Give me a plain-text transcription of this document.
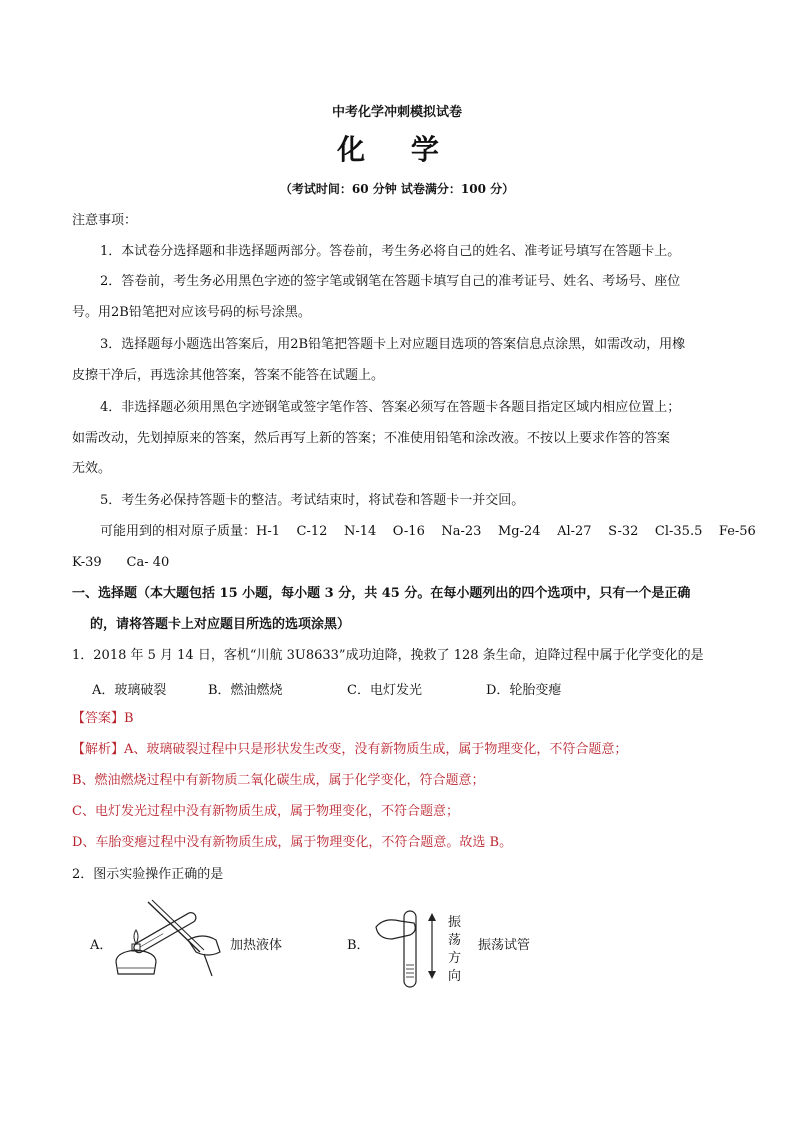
中考化学冲刺模拟试卷
化 学
（考试时间：60 分钟 试卷满分：100 分）
注意事项：
1．本试卷分选择题和非选择题两部分。答卷前，考生务必将自己的姓名、准考证号填写在答题卡上。
2．答卷前，考生务必用黑色字迹的签字笔或钢笔在答题卡填写自己的准考证号、姓名、考场号、座位
号。用2B铅笔把对应该号码的标号涂黑。
3．选择题每小题选出答案后，用2B铅笔把答题卡上对应题目选项的答案信息点涂黑，如需改动，用橡
皮擦干净后，再选涂其他答案，答案不能答在试题上。
4．非选择题必须用黑色字迹钢笔或签字笔作答、答案必须写在答题卡各题目指定区域内相应位置上；
如需改动，先划掉原来的答案，然后再写上新的答案；不准使用铅笔和涂改液。不按以上要求作答的答案
无效。
5．考生务必保持答题卡的整洁。考试结束时，将试卷和答题卡一并交回。
可能用到的相对原子质量：H-1    C-12    N-14    O-16    Na-23    Mg-24    Al-27    S-32    Cl-35.5    Fe-56
K-39      Ca- 40
一、选择题（本大题包括 15 小题，每小题 3 分，共 45 分。在每小题列出的四个选项中，只有一个是正确
的，请将答题卡上对应题目所选的选项涂黑）
1．2018 年 5 月 14 日，客机“川航 3U8633”成功迫降，挽救了 128 条生命，迫降过程中属于化学变化的是
A．玻璃破裂	B．燃油燃烧	C．电灯发光	D．轮胎变瘪
【答案】B
【解析】A、玻璃破裂过程中只是形状发生改变，没有新物质生成，属于物理变化，不符合题意；
B、燃油燃烧过程中有新物质二氧化碳生成，属于化学变化，符合题意；
C、电灯发光过程中没有新物质生成，属于物理变化，不符合题意；
D、车胎变瘪过程中没有新物质生成，属于物理变化，不符合题意。故选 B。
2．图示实验操作正确的是
A．	加热液体	B．
振
荡
方
向
振荡试管
